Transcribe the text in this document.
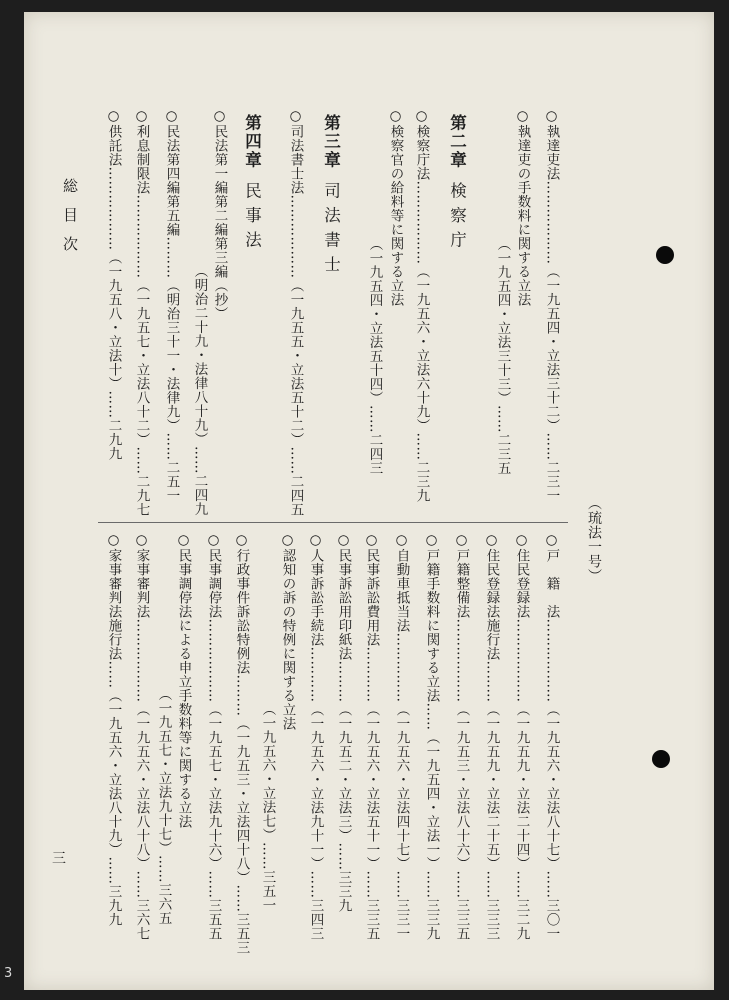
総目次
（琉法一号）
○執達吏法………………（一九五四・立法三十二）……二三一
○執達吏の手数料に関する立法
（一九五四・立法三十三）……二三五
第二章検察庁
○検察庁法………………（一九五六・立法六十九）……二三九
○検察官の給料等に関する立法
（一九五四・立法五十四）……二四三
第三章司法書士
○司法書士法………………（一九五五・立法五十二）……二四五
第四章民事法
○民法第一編第二編第三編（抄）
（明治二十九・法律八十九）……二四九
○民法第四編第五編………（明治三十一・法律九）……二五一
○利息制限法………………（一九五七・立法八十二）……二九七
○供託法………………（一九五八・立法十）……二九九
○戸　籍　法………………（一九五六・立法八十七）……三〇一
○住民登録法………………（一九五九・立法二十四）……三二九
○住民登録法施行法………（一九五九・立法二十五）……三三三
○戸籍整備法………………（一九五三・立法八十六）……三三五
○戸籍手数料に関する立法……（一九五四・立法一）……三三九
○自動車抵当法……………（一九五六・立法四十七）……三三一
○民事訴訟費用法…………（一九五六・立法五十一）……三三五
○民事訴訟用印紙法………（一九五二・立法三）……三三九
○人事訴訟手続法…………（一九五六・立法九十一）……三四三
○認知の訴の特例に関する立法
（一九五六・立法七）……三五一
○行政事件訴訟特例法………（一九五三・立法四十八）……三五三
○民事調停法………………（一九五七・立法九十六）……三五五
○民事調停法による申立手数料等に関する立法
（一九五七・立法九十七）……三六五
○家事審判法………………（一九五六・立法八十八）……三六七
○家事審判法施行法……（一九五六・立法八十九）……三九九
三
3
